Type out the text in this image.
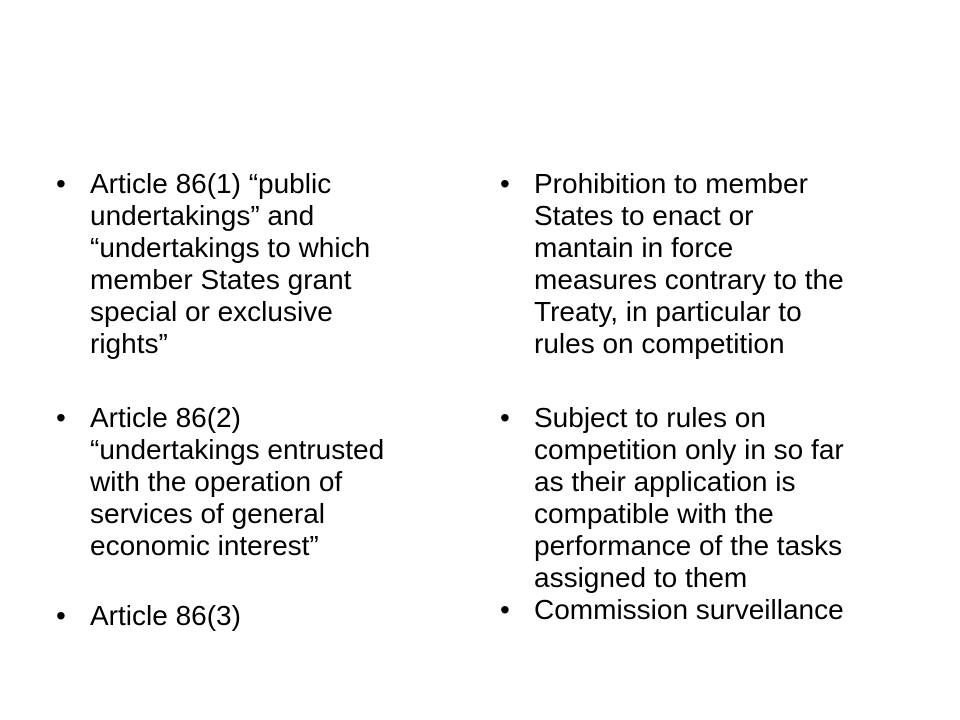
• Article 86(1) “public
undertakings” and
“undertakings to which
member States grant
special or exclusive
rights”
• Article 86(2)
“undertakings entrusted
with the operation of
services of general
economic interest”
• Article 86(3)
• Prohibition to member
States to enact or
mantain in force
measures contrary to the
Treaty, in particular to
rules on competition
• Subject to rules on
competition only in so far
as their application is
compatible with the
performance of the tasks
assigned to them
• Commission surveillance
